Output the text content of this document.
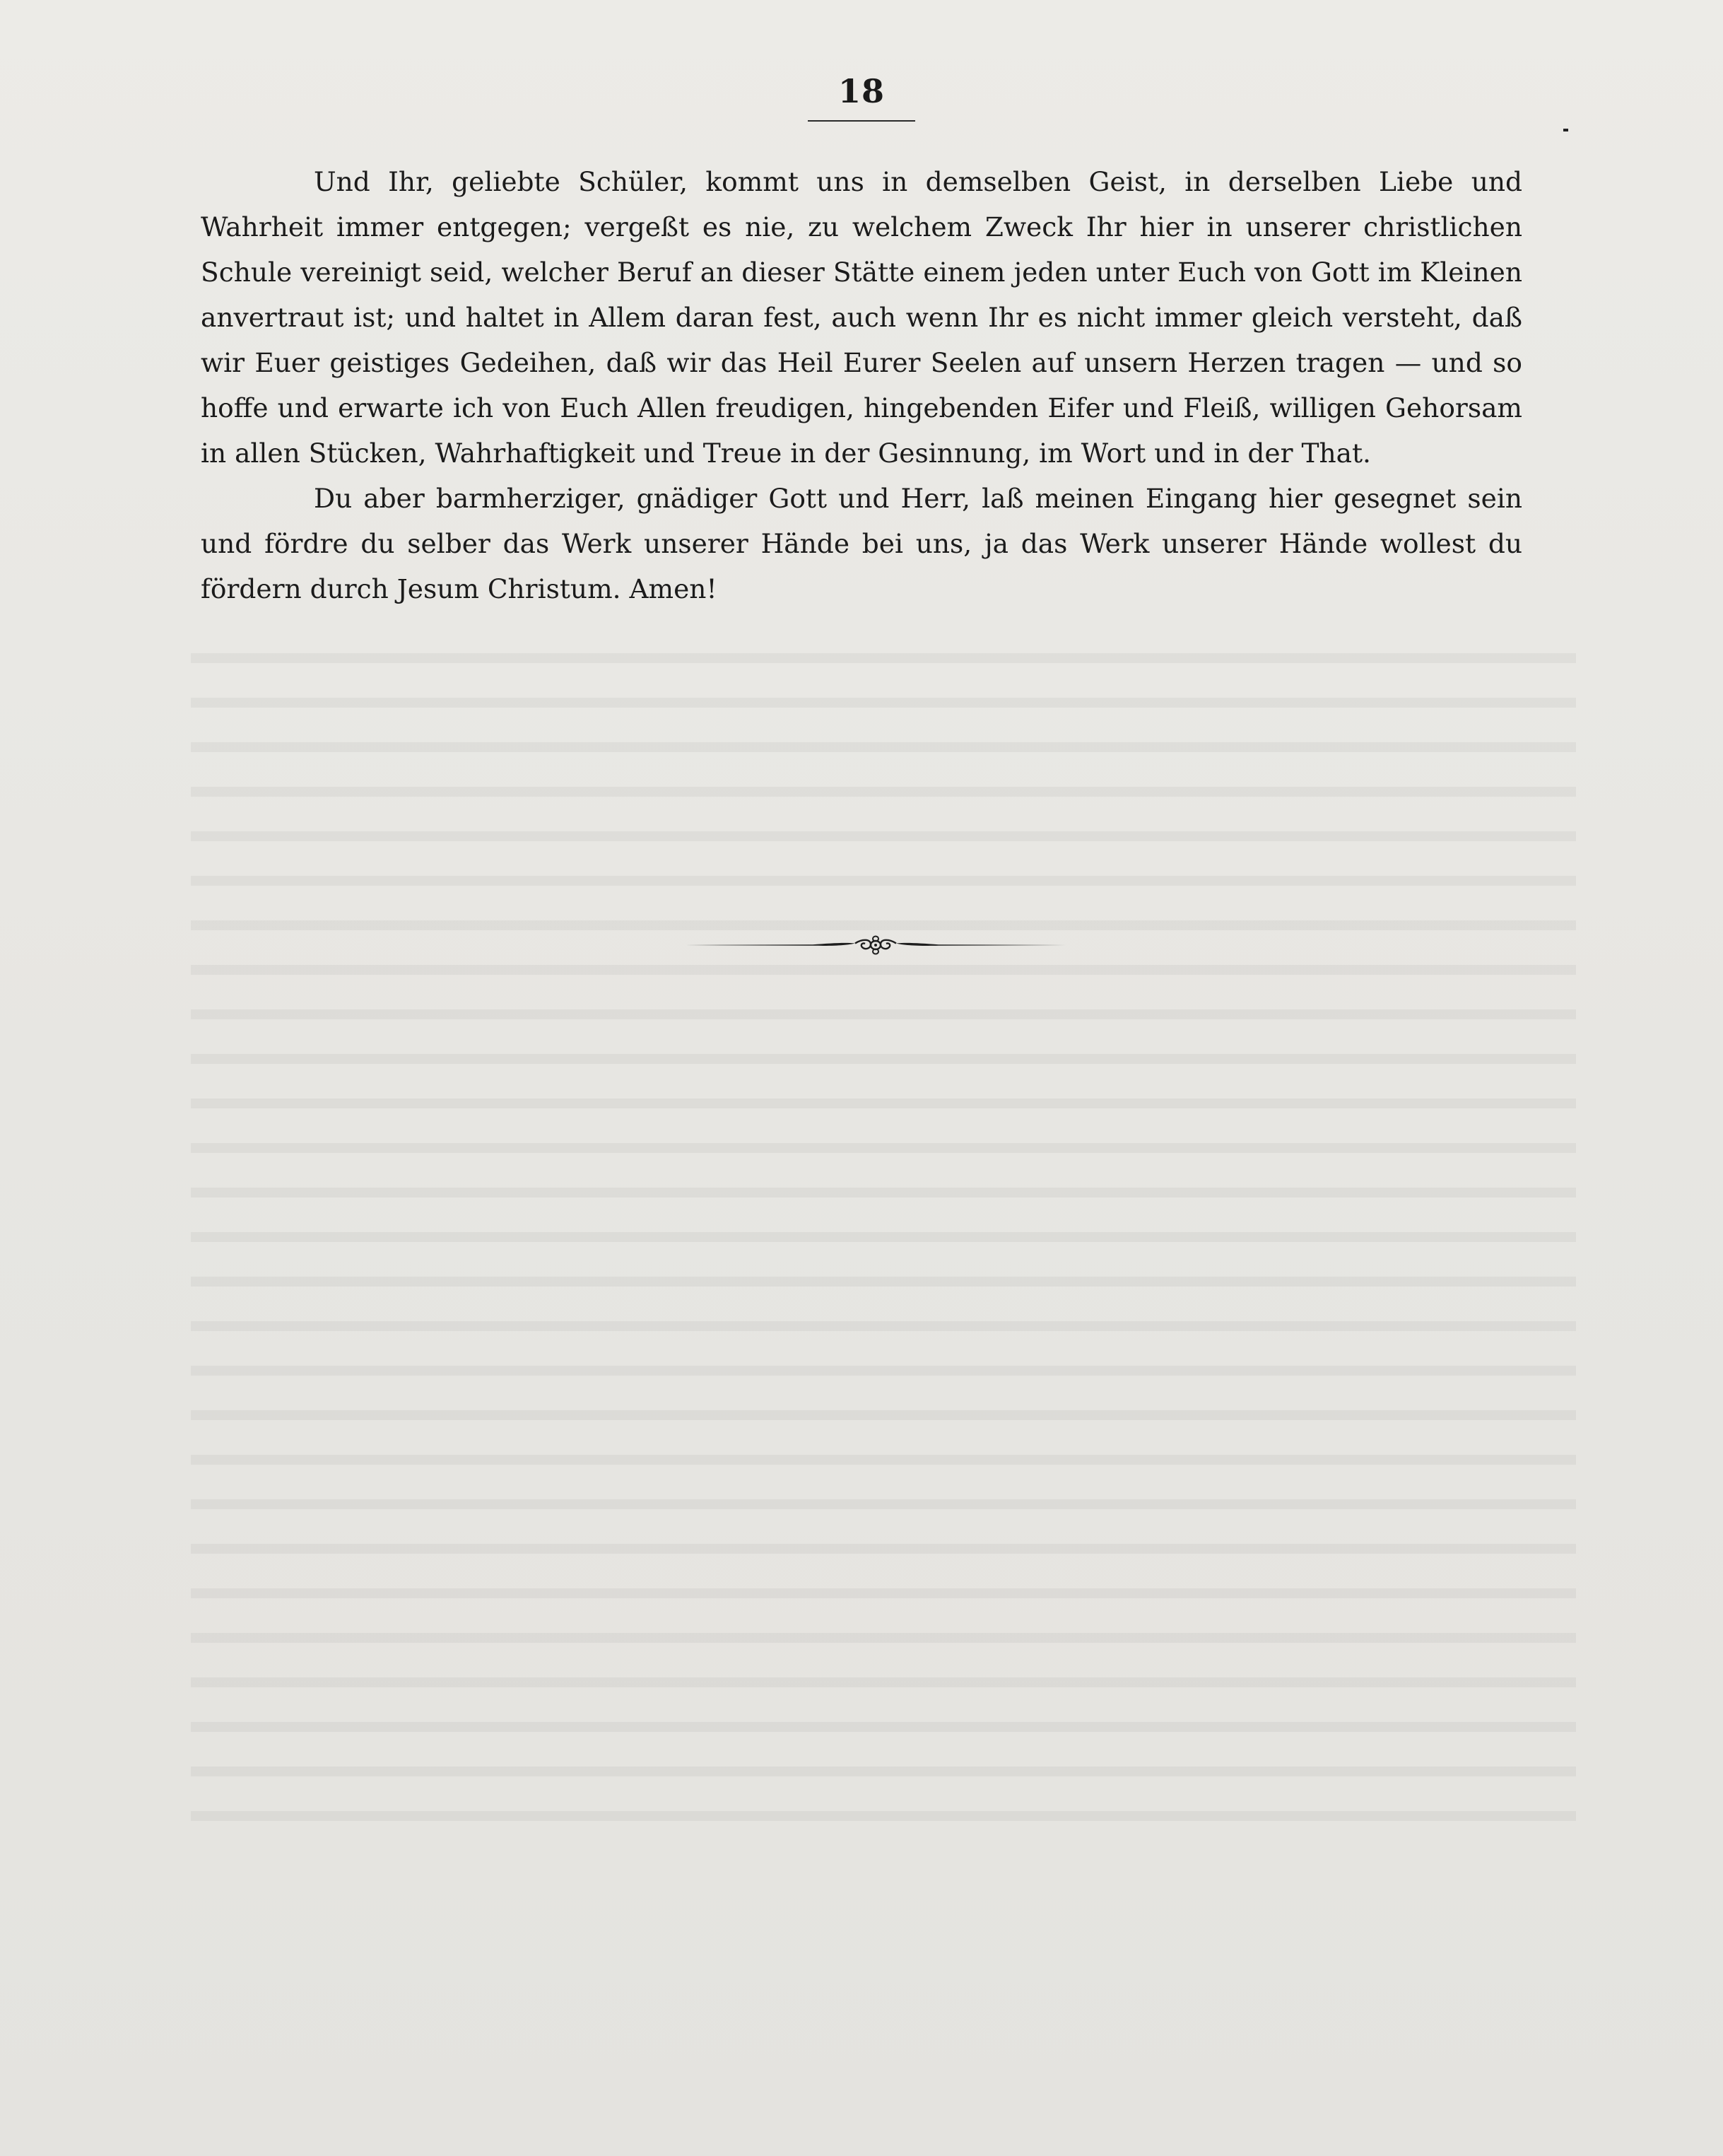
18

Und Ihr, geliebte Schüler, kommt uns in demselben Geist, in derselben Liebe und Wahrheit immer entgegen; vergeßt es nie, zu welchem Zweck Ihr hier in unserer christlichen Schule vereinigt seid, welcher Beruf an dieser Stätte einem jeden unter Euch von Gott im Kleinen anvertraut ist; und haltet in Allem daran fest, auch wenn Ihr es nicht immer gleich versteht, daß wir Euer geistiges Gedeihen, daß wir das Heil Eurer Seelen auf unsern Herzen tragen — und so hoffe und erwarte ich von Euch Allen freudigen, hingebenden Eifer und Fleiß, willigen Gehorsam in allen Stücken, Wahrhaftigkeit und Treue in der Gesinnung, im Wort und in der That.

Du aber barmherziger, gnädiger Gott und Herr, laß meinen Eingang hier gesegnet sein und fördre du selber das Werk unserer Hände bei uns, ja das Werk unserer Hände wollest du fördern durch Jesum Christum. Amen!
